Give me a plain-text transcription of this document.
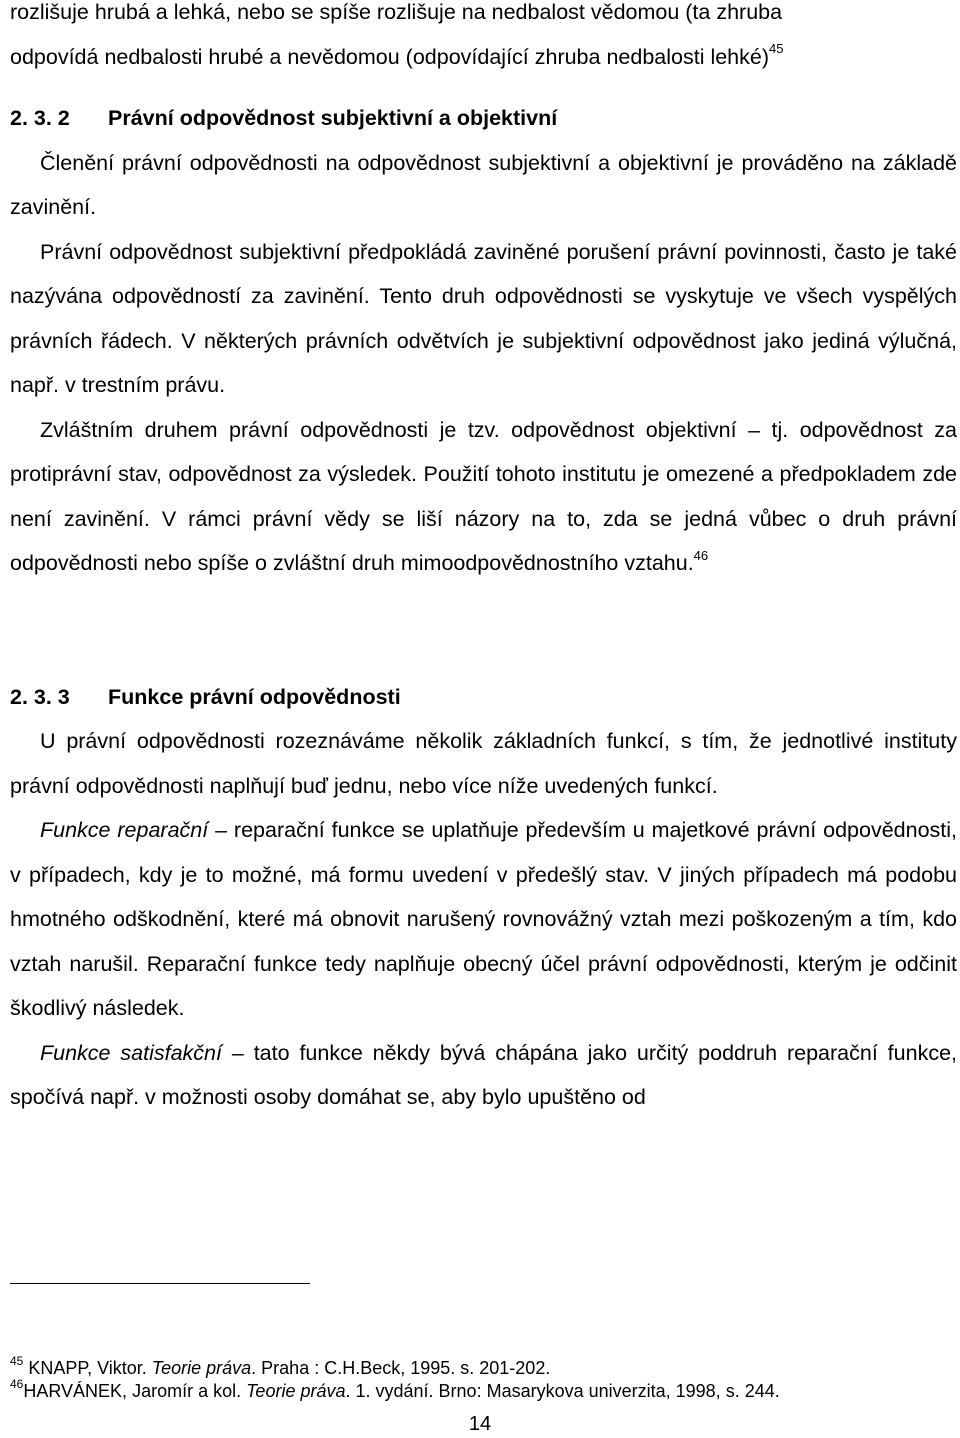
rozlišuje hrubá a lehká, nebo se spíše rozlišuje na nedbalost vědomou (ta zhruba

odpovídá nedbalosti hrubé a nevědomou (odpovídající zhruba nedbalosti lehké)$^{45}$

2. 3. 2	Právní odpovědnost subjektivní a objektivní

Členění právní odpovědnosti na odpovědnost subjektivní a objektivní je prováděno na základě zavinění.

Právní odpovědnost subjektivní předpokládá zaviněné porušení právní povinnosti, často je také nazývána odpovědností za zavinění. Tento druh odpovědnosti se vyskytuje ve všech vyspělých právních řádech. V některých právních odvětvích je subjektivní odpovědnost jako jediná výlučná, např. v trestním právu.

Zvláštním druhem právní odpovědnosti je tzv. odpovědnost objektivní – tj. odpovědnost za protiprávní stav, odpovědnost za výsledek. Použití tohoto institutu je omezené a předpokladem zde není zavinění. V rámci právní vědy se liší názory na to, zda se jedná vůbec o druh právní odpovědnosti nebo spíše o zvláštní druh mimoodpovědnostního vztahu.$^{46}$

2. 3. 3	Funkce právní odpovědnosti

U právní odpovědnosti rozeznáváme několik základních funkcí, s tím, že jednotlivé instituty právní odpovědnosti naplňují buď jednu, nebo více níže uvedených funkcí.

Funkce reparační – reparační funkce se uplatňuje především u majetkové právní odpovědnosti, v případech, kdy je to možné, má formu uvedení v předešlý stav. V jiných případech má podobu hmotného odškodnění, které má obnovit narušený rovnovážný vztah mezi poškozeným a tím, kdo vztah narušil. Reparační funkce tedy naplňuje obecný účel právní odpovědnosti, kterým je odčinit škodlivý následek.

Funkce satisfakční – tato funkce někdy bývá chápána jako určitý poddruh reparační funkce, spočívá např. v možnosti osoby domáhat se, aby bylo upuštěno od

$^{45}$ KNAPP, Viktor. Teorie práva. Praha : C.H.Beck, 1995. s. 201-202.
$^{46}$HARVÁNEK, Jaromír a kol. Teorie práva. 1. vydání. Brno: Masarykova univerzita, 1998, s. 244.
14
